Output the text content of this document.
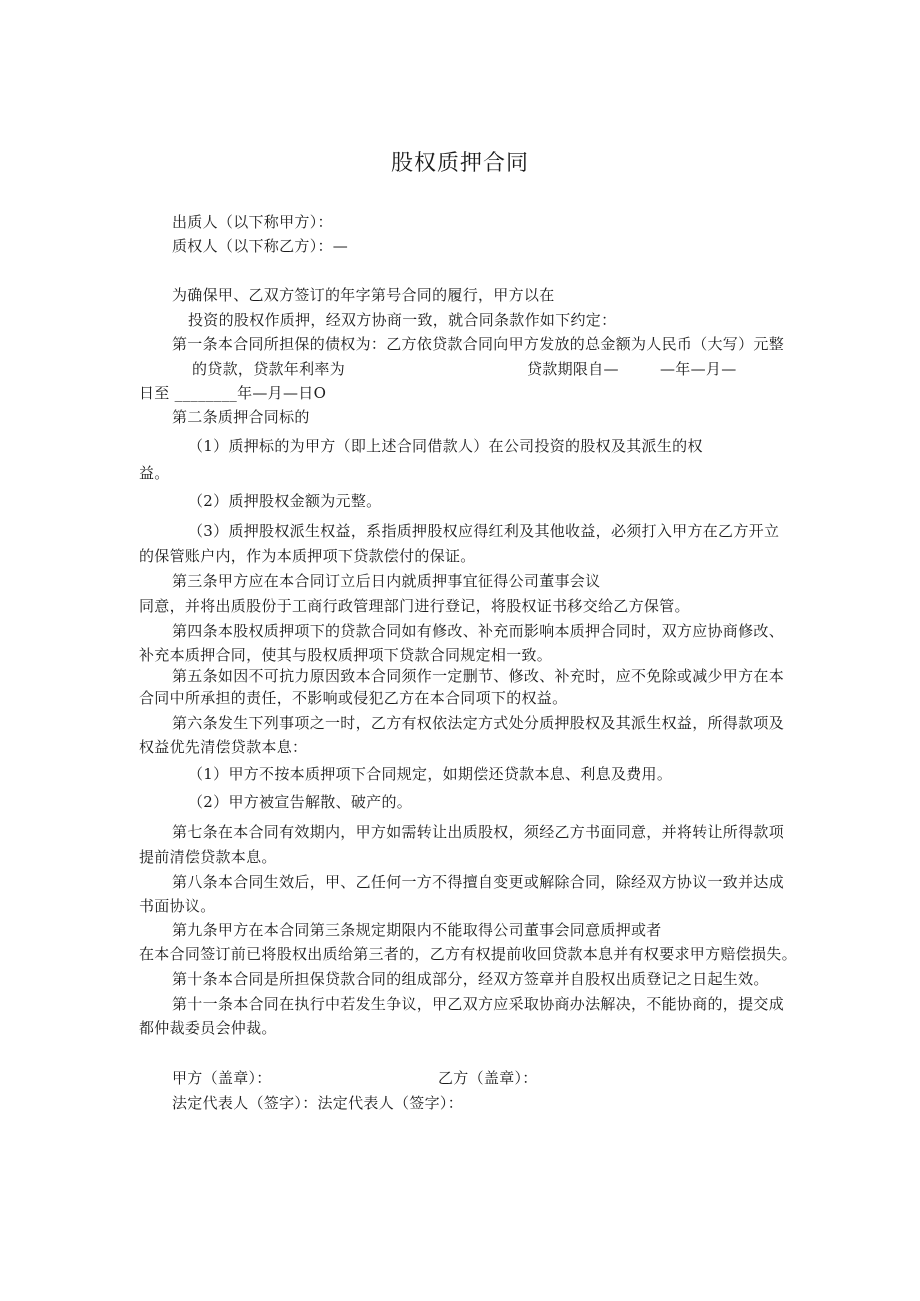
股权质押合同
出质人（以下称甲方）：
质权人（以下称乙方）：—
为确保甲、乙双方签订的年字第号合同的履行，甲方以在
投资的股权作质押，经双方协商一致，就合同条款作如下约定：
第一条本合同所担保的债权为：乙方依贷款合同向甲方发放的总金额为人民币（大写）元整
的贷款，贷款年利率为	贷款期限自—	—年—月—
日至 ________年—月—日O
第二条质押合同标的
（1）质押标的为甲方（即上述合同借款人）在公司投资的股权及其派生的权
益。
（2）质押股权金额为元整。
（3）质押股权派生权益，系指质押股权应得红利及其他收益，必须打入甲方在乙方开立
的保管账户内，作为本质押项下贷款偿付的保证。
第三条甲方应在本合同订立后日内就质押事宜征得公司董事会议
同意，并将出质股份于工商行政管理部门进行登记，将股权证书移交给乙方保管。
第四条本股权质押项下的贷款合同如有修改、补充而影响本质押合同时，双方应协商修改、
补充本质押合同，使其与股权质押项下贷款合同规定相一致。
第五条如因不可抗力原因致本合同须作一定删节、修改、补充时，应不免除或减少甲方在本
合同中所承担的责任，不影响或侵犯乙方在本合同项下的权益。
第六条发生下列事项之一时，乙方有权依法定方式处分质押股权及其派生权益，所得款项及
权益优先清偿贷款本息：
（1）甲方不按本质押项下合同规定，如期偿还贷款本息、利息及费用。
（2）甲方被宣告解散、破产的。
第七条在本合同有效期内，甲方如需转让出质股权，须经乙方书面同意，并将转让所得款项
提前清偿贷款本息。
第八条本合同生效后，甲、乙任何一方不得擅自变更或解除合同，除经双方协议一致并达成
书面协议。
第九条甲方在本合同第三条规定期限内不能取得公司董事会同意质押或者
在本合同签订前已将股权出质给第三者的，乙方有权提前收回贷款本息并有权要求甲方赔偿损失。
第十条本合同是所担保贷款合同的组成部分，经双方签章并自股权出质登记之日起生效。
第十一条本合同在执行中若发生争议，甲乙双方应采取协商办法解决，不能协商的，提交成
都仲裁委员会仲裁。
甲方（盖章）：	乙方（盖章）：
法定代表人（签字）：法定代表人（签字）：
